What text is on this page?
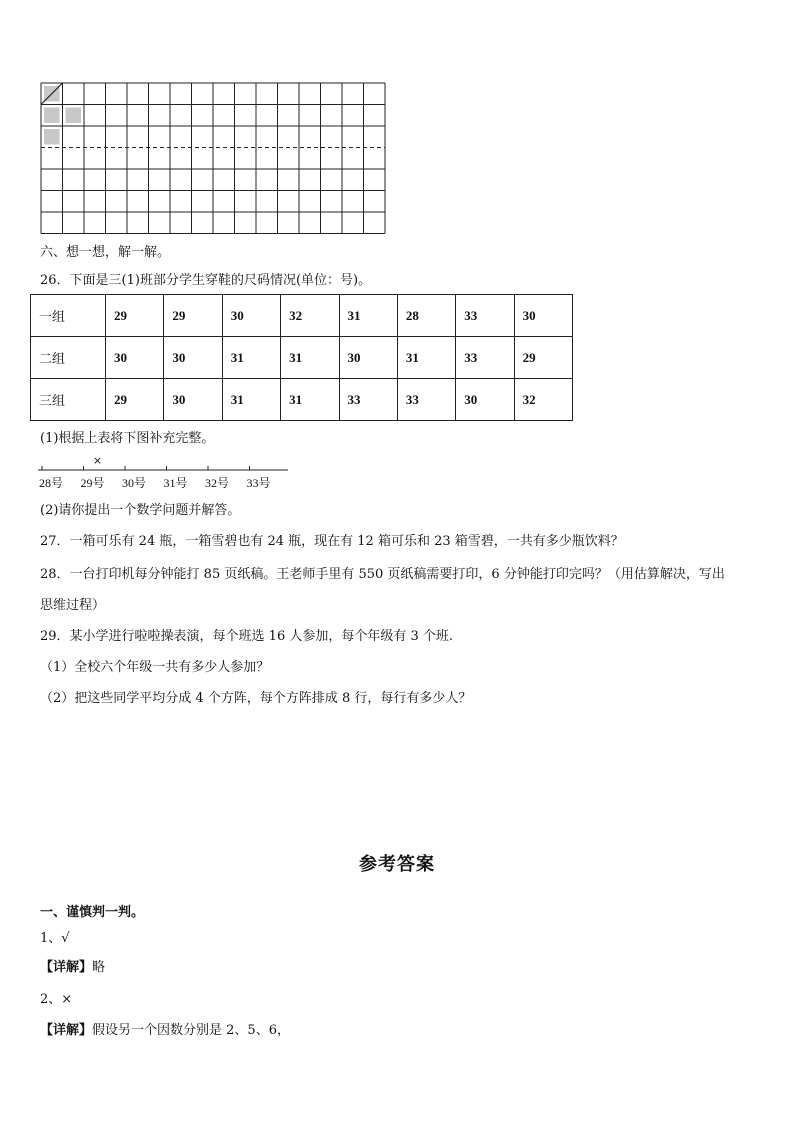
六、想一想，解一解。
26．下面是三(1)班部分学生穿鞋的尺码情况(单位：号)。
一组	29	29	30	32	31	28	33	30
二组	30	30	31	31	30	31	33	29
三组	29	30	31	31	33	33	30	32
(1)根据上表将下图补充完整。
28号 29号 30号 31号 32号 33号
×
(2)请你提出一个数学问题并解答。
27．一箱可乐有 24 瓶，一箱雪碧也有 24 瓶，现在有 12 箱可乐和 23 箱雪碧，一共有多少瓶饮料？
28．一台打印机每分钟能打 85 页纸稿。王老师手里有 550 页纸稿需要打印，6 分钟能打印完吗？（用估算解决，写出
思维过程）
29．某小学进行啦啦操表演，每个班选 16 人参加，每个年级有 3 个班.
（1）全校六个年级一共有多少人参加？
（2）把这些同学平均分成 4 个方阵，每个方阵排成 8 行，每行有多少人？
参考答案
一、谨慎判一判。
1、√
【详解】略
2、×
【详解】假设另一个因数分别是 2、5、6，
